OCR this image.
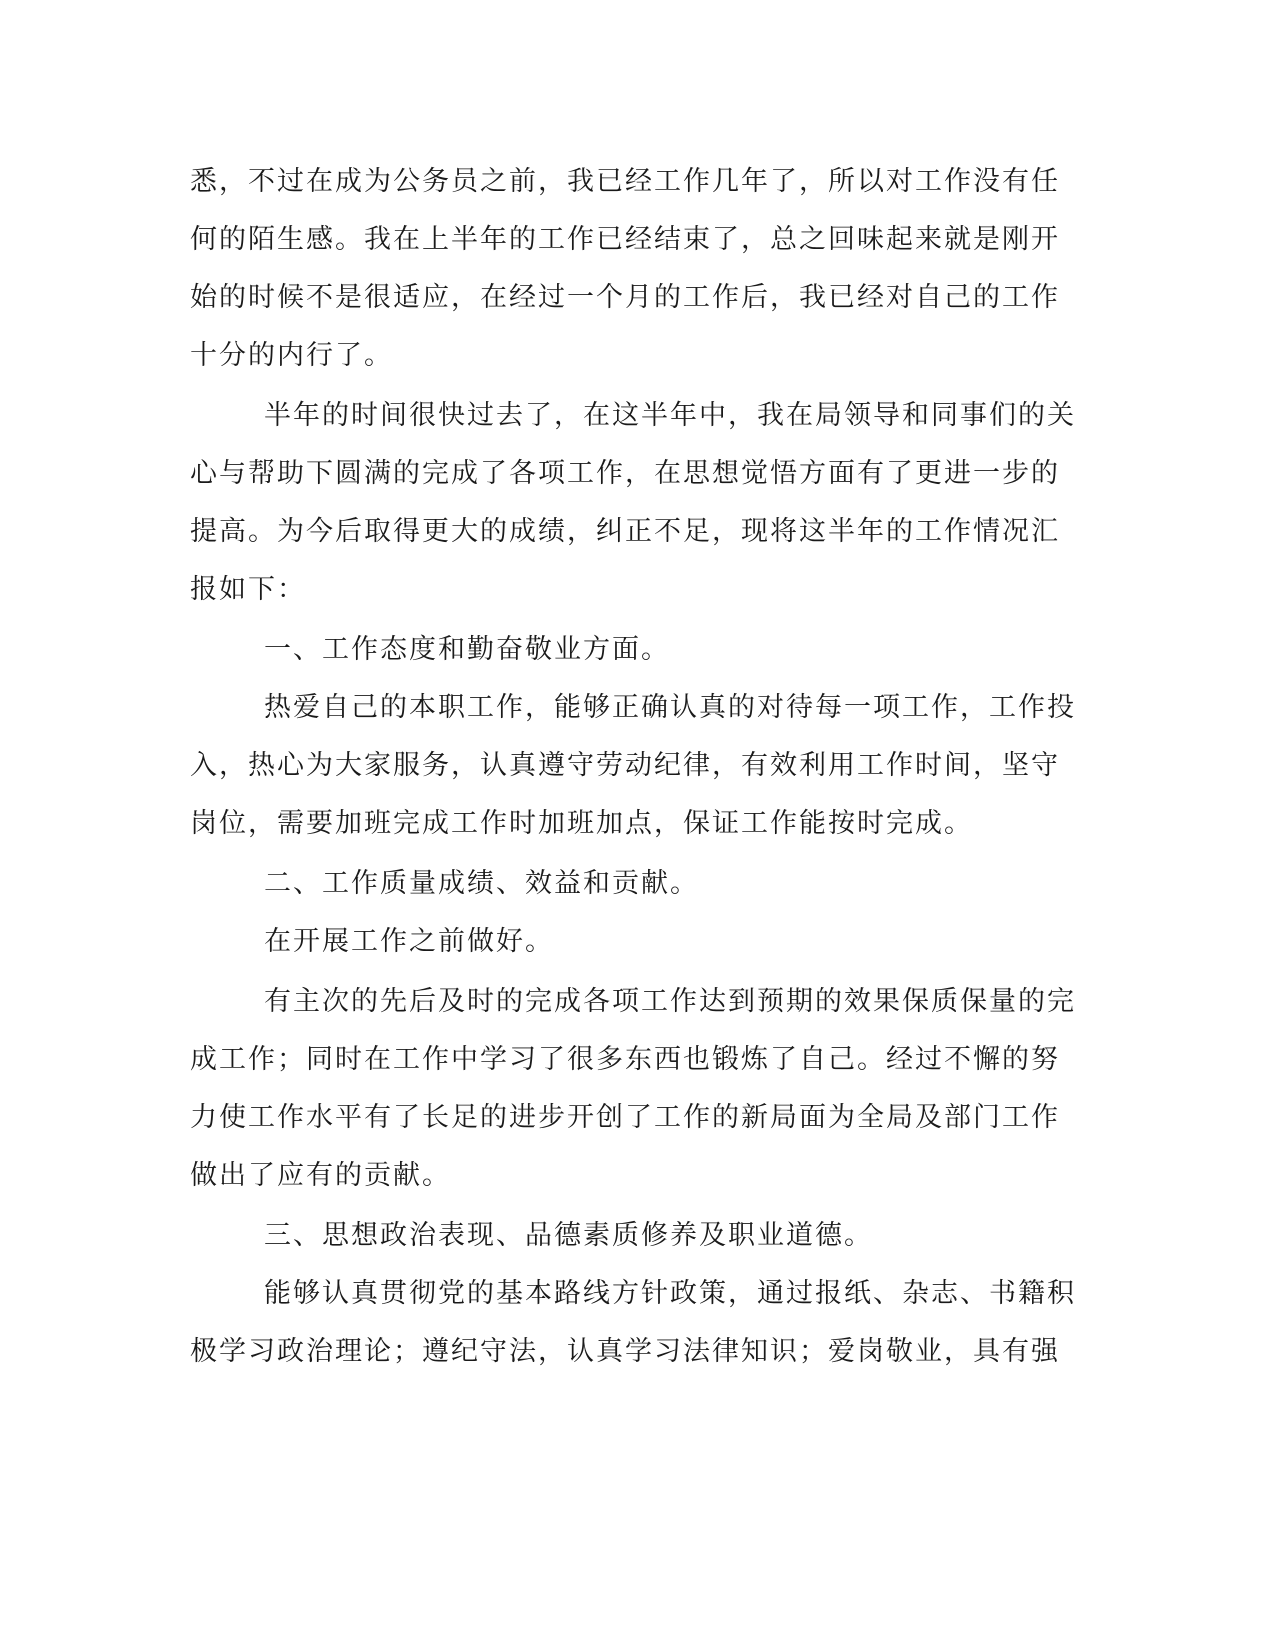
悉，不过在成为公务员之前，我已经工作几年了，所以对工作没有任
何的陌生感。我在上半年的工作已经结束了，总之回味起来就是刚开
始的时候不是很适应，在经过一个月的工作后，我已经对自己的工作
十分的内行了。
半年的时间很快过去了，在这半年中，我在局领导和同事们的关
心与帮助下圆满的完成了各项工作，在思想觉悟方面有了更进一步的
提高。为今后取得更大的成绩，纠正不足，现将这半年的工作情况汇
报如下：
一、工作态度和勤奋敬业方面。
热爱自己的本职工作，能够正确认真的对待每一项工作，工作投
入，热心为大家服务，认真遵守劳动纪律，有效利用工作时间，坚守
岗位，需要加班完成工作时加班加点，保证工作能按时完成。
二、工作质量成绩、效益和贡献。
在开展工作之前做好。
有主次的先后及时的完成各项工作达到预期的效果保质保量的完
成工作；同时在工作中学习了很多东西也锻炼了自己。经过不懈的努
力使工作水平有了长足的进步开创了工作的新局面为全局及部门工作
做出了应有的贡献。
三、思想政治表现、品德素质修养及职业道德。
能够认真贯彻党的基本路线方针政策，通过报纸、杂志、书籍积
极学习政治理论；遵纪守法，认真学习法律知识；爱岗敬业，具有强
